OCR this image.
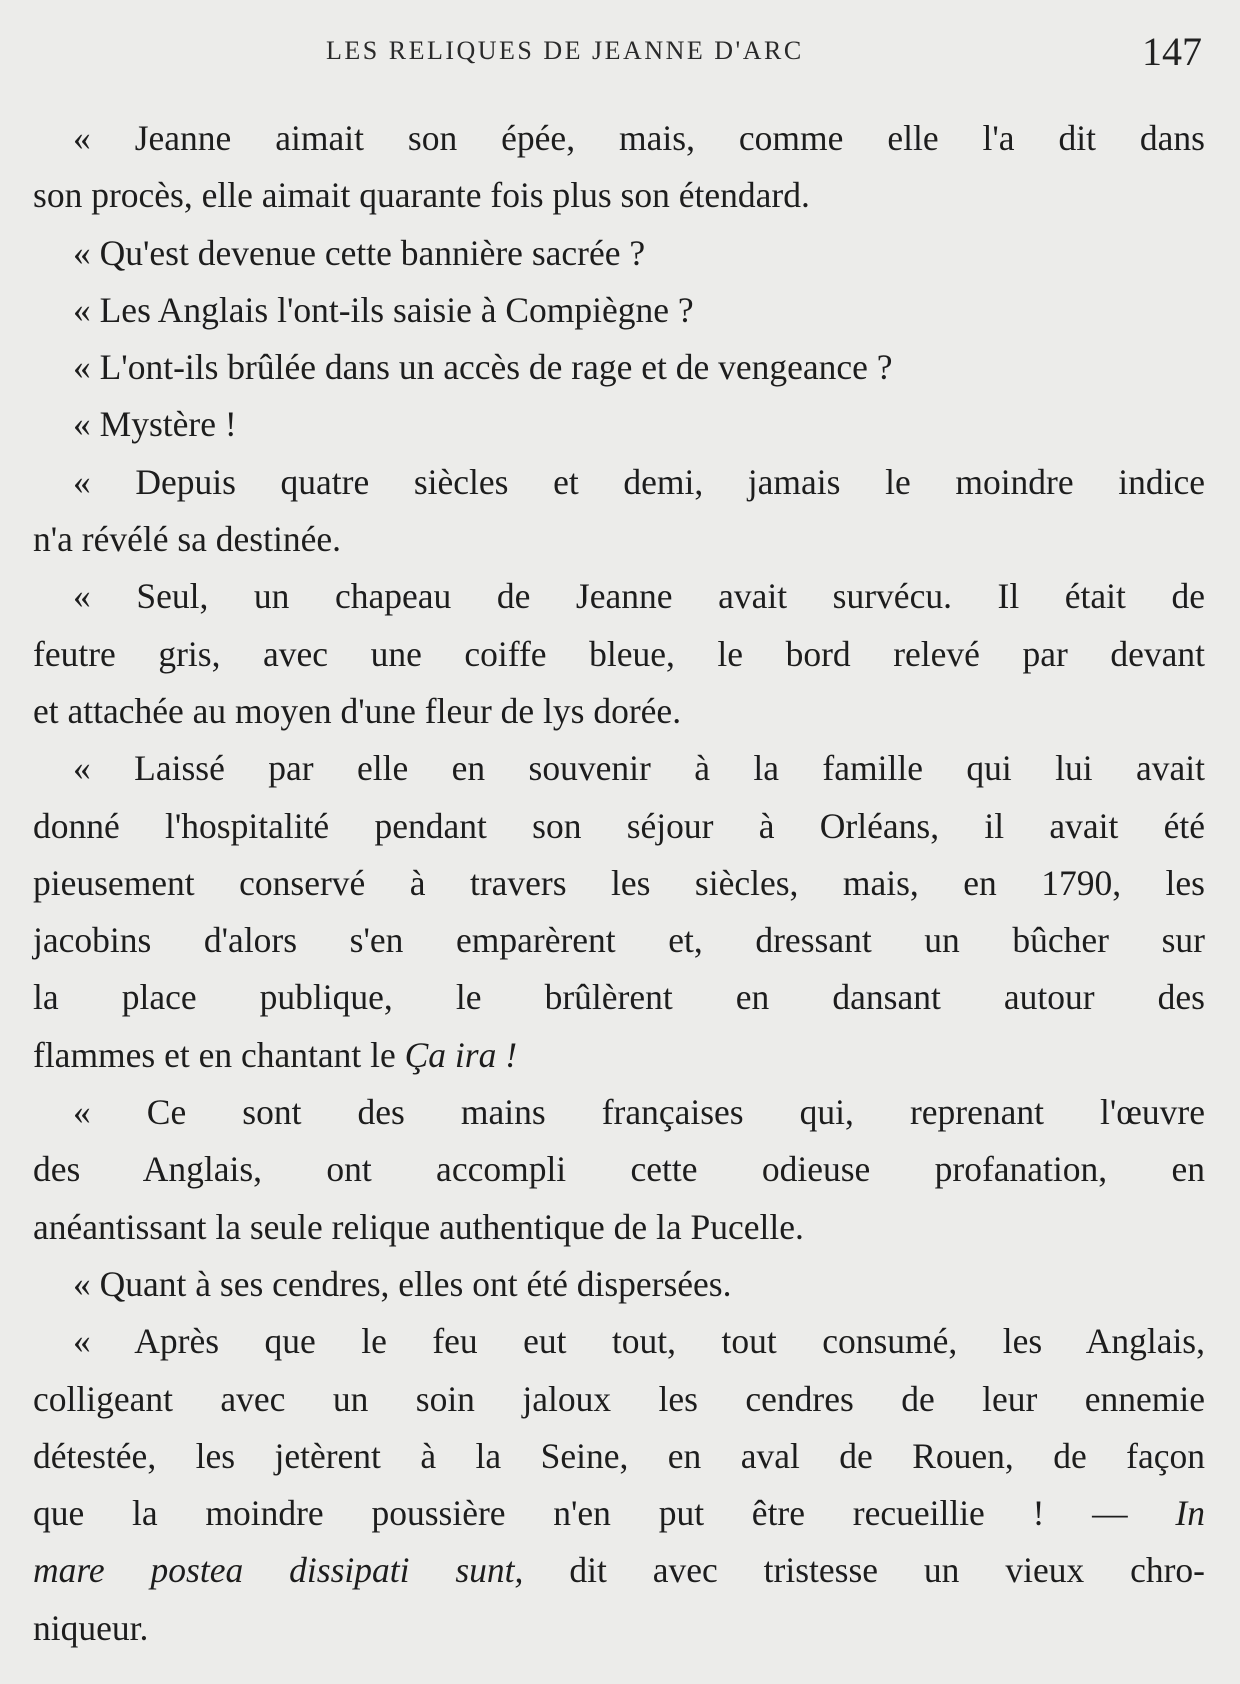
LES RELIQUES DE JEANNE D'ARC	147
« Jeanne aimait son épée, mais, comme elle l'a dit dans
son procès, elle aimait quarante fois plus son étendard.
« Qu'est devenue cette bannière sacrée ?
« Les Anglais l'ont-ils saisie à Compiègne ?
« L'ont-ils brûlée dans un accès de rage et de vengeance ?
« Mystère !
« Depuis quatre siècles et demi, jamais le moindre indice
n'a révélé sa destinée.
« Seul, un chapeau de Jeanne avait survécu. Il était de
feutre gris, avec une coiffe bleue, le bord relevé par devant
et attachée au moyen d'une fleur de lys dorée.
« Laissé par elle en souvenir à la famille qui lui avait
donné l'hospitalité pendant son séjour à Orléans, il avait été
pieusement conservé à travers les siècles, mais, en 1790, les
jacobins d'alors s'en emparèrent et, dressant un bûcher sur
la place publique, le brûlèrent en dansant autour des
flammes et en chantant le Ça ira !
« Ce sont des mains françaises qui, reprenant l'œuvre
des Anglais, ont accompli cette odieuse profanation, en
anéantissant la seule relique authentique de la Pucelle.
« Quant à ses cendres, elles ont été dispersées.
« Après que le feu eut tout, tout consumé, les Anglais,
colligeant avec un soin jaloux les cendres de leur ennemie
détestée, les jetèrent à la Seine, en aval de Rouen, de façon
que la moindre poussière n'en put être recueillie ! — In
mare postea dissipati sunt, dit avec tristesse un vieux chro-
niqueur.
